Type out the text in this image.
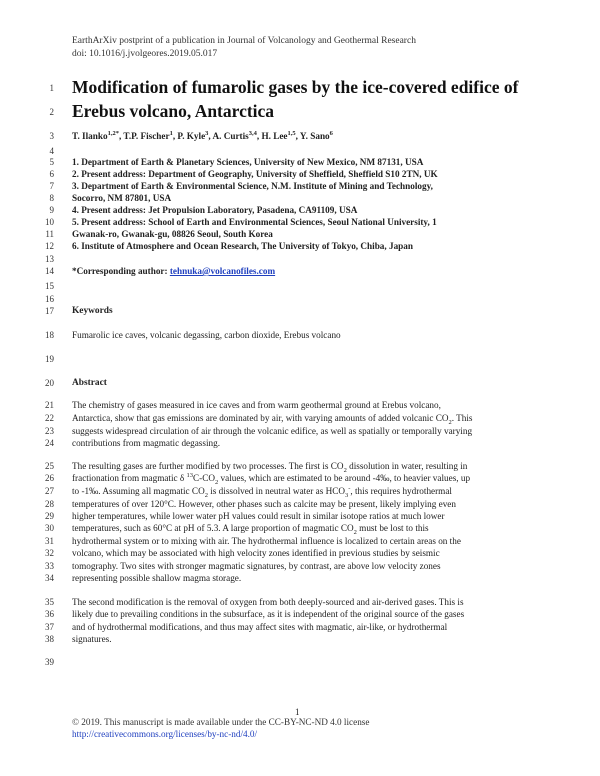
EarthArXiv postprint of a publication in Journal of Volcanology and Geothermal Research
doi: 10.1016/j.jvolgeores.2019.05.017
1 Modification of fumarolic gases by the ice-covered edifice of
2 Erebus volcano, Antarctica
3 T. Ilanko$^{1,2*}$, T.P. Fischer$^1$, P. Kyle$^3$, A. Curtis$^{3,4}$, H. Lee$^{1,5}$, Y. Sano$^6$
4
5 1. Department of Earth & Planetary Sciences, University of New Mexico, NM 87131, USA
6 2. Present address: Department of Geography, University of Sheffield, Sheffield S10 2TN, UK
7 3. Department of Earth & Environmental Science, N.M. Institute of Mining and Technology,
8 Socorro, NM 87801, USA
9 4. Present address: Jet Propulsion Laboratory, Pasadena, CA91109, USA
10 5. Present address: School of Earth and Environmental Sciences, Seoul National University, 1
11 Gwanak-ro, Gwanak-gu, 08826 Seoul, South Korea
12 6. Institute of Atmosphere and Ocean Research, The University of Tokyo, Chiba, Japan
13
14 *Corresponding author: tehnuka@volcanofiles.com
15
16
17 Keywords
18 Fumarolic ice caves, volcanic degassing, carbon dioxide, Erebus volcano
19
20 Abstract
21 The chemistry of gases measured in ice caves and from warm geothermal ground at Erebus volcano,
22 Antarctica, show that gas emissions are dominated by air, with varying amounts of added volcanic $CO_2$. This
23 suggests widespread circulation of air through the volcanic edifice, as well as spatially or temporally varying
24 contributions from magmatic degassing.
25 The resulting gases are further modified by two processes. The first is $CO_2$ dissolution in water, resulting in
26 fractionation from magmatic δ $^{13}C-CO_2$ values, which are estimated to be around -4‰, to heavier values, up
27 to -1‰. Assuming all magmatic $CO_2$ is dissolved in neutral water as $HCO_3^-$, this requires hydrothermal
28 temperatures of over 120°C. However, other phases such as calcite may be present, likely implying even
29 higher temperatures, while lower water pH values could result in similar isotope ratios at much lower
30 temperatures, such as 60°C at pH of 5.3. A large proportion of magmatic $CO_2$ must be lost to this
31 hydrothermal system or to mixing with air. The hydrothermal influence is localized to certain areas on the
32 volcano, which may be associated with high velocity zones identified in previous studies by seismic
33 tomography. Two sites with stronger magmatic signatures, by contrast, are above low velocity zones
34 representing possible shallow magma storage.
35 The second modification is the removal of oxygen from both deeply-sourced and air-derived gases. This is
36 likely due to prevailing conditions in the subsurface, as it is independent of the original source of the gases
37 and of hydrothermal modifications, and thus may affect sites with magmatic, air-like, or hydrothermal
38 signatures.
39
1
© 2019. This manuscript is made available under the CC-BY-NC-ND 4.0 license
http://creativecommons.org/licenses/by-nc-nd/4.0/
